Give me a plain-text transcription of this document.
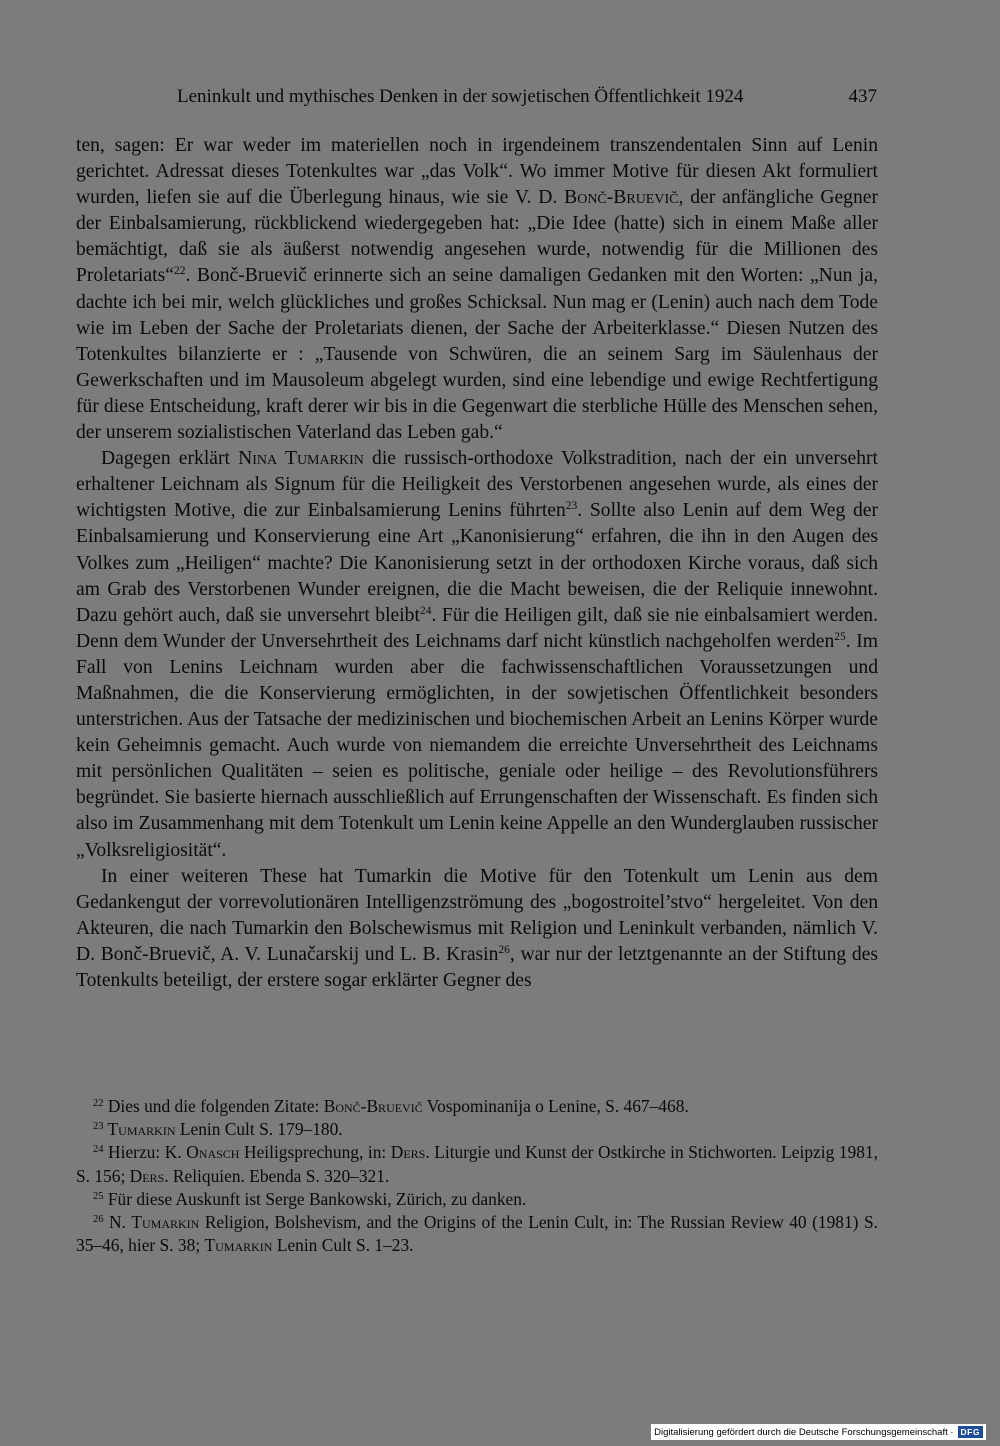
Leninkult und mythisches Denken in der sowjetischen Öffentlichkeit 1924	437

ten, sagen: Er war weder im materiellen noch in irgendeinem transzendentalen Sinn auf Lenin gerichtet. Adressat dieses Totenkultes war „das Volk“. Wo immer Motive für diesen Akt formuliert wurden, liefen sie auf die Überlegung hinaus, wie sie V. D. Bonč-Bruevič, der anfängliche Gegner der Einbalsamierung, rückblickend wiedergegeben hat: „Die Idee (hatte) sich in einem Maße aller bemächtigt, daß sie als äußerst notwendig angesehen wurde, notwendig für die Millionen des Proletariats“$^{22}$. Bonč-Bruevič erinnerte sich an seine damaligen Gedanken mit den Worten: „Nun ja, dachte ich bei mir, welch glückliches und großes Schicksal. Nun mag er (Lenin) auch nach dem Tode wie im Leben der Sache der Proletariats dienen, der Sache der Arbeiterklasse.“ Diesen Nutzen des Totenkultes bilanzierte er : „Tausende von Schwüren, die an seinem Sarg im Säulenhaus der Gewerkschaften und im Mausoleum abgelegt wurden, sind eine lebendige und ewige Rechtfertigung für diese Entscheidung, kraft derer wir bis in die Gegenwart die sterbliche Hülle des Menschen sehen, der unserem sozialistischen Vaterland das Leben gab.“

Dagegen erklärt Nina Tumarkin die russisch-orthodoxe Volkstradition, nach der ein unversehrt erhaltener Leichnam als Signum für die Heiligkeit des Verstorbenen angesehen wurde, als eines der wichtigsten Motive, die zur Einbalsamierung Lenins führten$^{23}$. Sollte also Lenin auf dem Weg der Einbalsamierung und Konservierung eine Art „Kanonisierung“ erfahren, die ihn in den Augen des Volkes zum „Heiligen“ machte? Die Kanonisierung setzt in der orthodoxen Kirche voraus, daß sich am Grab des Verstorbenen Wunder ereignen, die die Macht beweisen, die der Reliquie innewohnt. Dazu gehört auch, daß sie unversehrt bleibt$^{24}$. Für die Heiligen gilt, daß sie nie einbalsamiert werden. Denn dem Wunder der Unversehrtheit des Leichnams darf nicht künstlich nachgeholfen werden$^{25}$. Im Fall von Lenins Leichnam wurden aber die fachwissenschaftlichen Voraussetzungen und Maßnahmen, die die Konservierung ermöglichten, in der sowjetischen Öffentlichkeit besonders unterstrichen. Aus der Tatsache der medizinischen und biochemischen Arbeit an Lenins Körper wurde kein Geheimnis gemacht. Auch wurde von niemandem die erreichte Unversehrtheit des Leichnams mit persönlichen Qualitäten – seien es politische, geniale oder heilige – des Revolutionsführers begründet. Sie basierte hiernach ausschließlich auf Errungenschaften der Wissenschaft. Es finden sich also im Zusammenhang mit dem Totenkult um Lenin keine Appelle an den Wunderglauben russischer „Volksreligiosität“.

In einer weiteren These hat Tumarkin die Motive für den Totenkult um Lenin aus dem Gedankengut der vorrevolutionären Intelligenzströmung des „bogostroitel’stvo“ hergeleitet. Von den Akteuren, die nach Tumarkin den Bolschewismus mit Religion und Leninkult verbanden, nämlich V. D. Bonč-Bruevič, A. V. Lunačarskij und L. B. Krasin$^{26}$, war nur der letztgenannte an der Stiftung des Totenkults beteiligt, der erstere sogar erklärter Gegner des

$^{22}$ Dies und die folgenden Zitate: Bonč-Bruevič Vospominanija o Lenine, S. 467–468.

$^{23}$ Tumarkin Lenin Cult S. 179–180.

$^{24}$ Hierzu: K. Onasch Heiligsprechung, in: Ders. Liturgie und Kunst der Ostkirche in Stichworten. Leipzig 1981, S. 156; Ders. Reliquien. Ebenda S. 320–321.

$^{25}$ Für diese Auskunft ist Serge Bankowski, Zürich, zu danken.

$^{26}$ N. Tumarkin Religion, Bolshevism, and the Origins of the Lenin Cult, in: The Russian Review 40 (1981) S. 35–46, hier S. 38; Tumarkin Lenin Cult S. 1–23.

Digitalisierung gefördert durch die Deutsche Forschungsgemeinschaft · DFG
